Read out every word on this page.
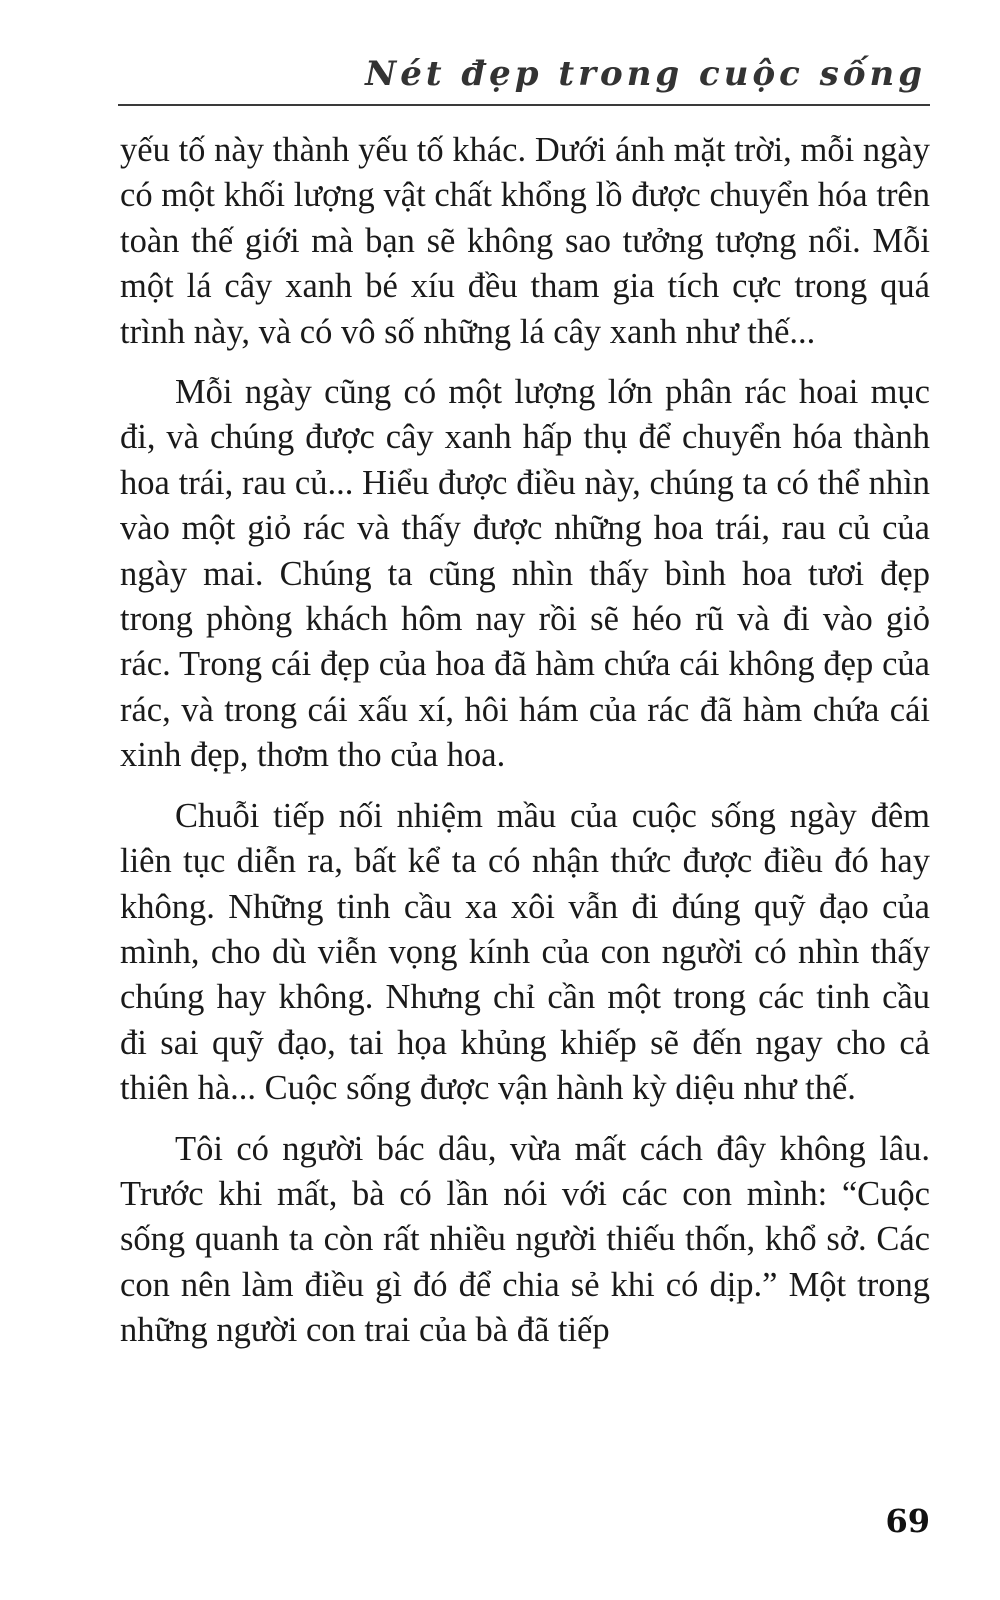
Nét đẹp trong cuộc sống

yếu tố này thành yếu tố khác. Dưới ánh mặt trời, mỗi ngày có một khối lượng vật chất khổng lồ được chuyển hóa trên toàn thế giới mà bạn sẽ không sao tưởng tượng nổi. Mỗi một lá cây xanh bé xíu đều tham gia tích cực trong quá trình này, và có vô số những lá cây xanh như thế...

Mỗi ngày cũng có một lượng lớn phân rác hoai mục đi, và chúng được cây xanh hấp thụ để chuyển hóa thành hoa trái, rau củ... Hiểu được điều này, chúng ta có thể nhìn vào một giỏ rác và thấy được những hoa trái, rau củ của ngày mai. Chúng ta cũng nhìn thấy bình hoa tươi đẹp trong phòng khách hôm nay rồi sẽ héo rũ và đi vào giỏ rác. Trong cái đẹp của hoa đã hàm chứa cái không đẹp của rác, và trong cái xấu xí, hôi hám của rác đã hàm chứa cái xinh đẹp, thơm tho của hoa.

Chuỗi tiếp nối nhiệm mầu của cuộc sống ngày đêm liên tục diễn ra, bất kể ta có nhận thức được điều đó hay không. Những tinh cầu xa xôi vẫn đi đúng quỹ đạo của mình, cho dù viễn vọng kính của con người có nhìn thấy chúng hay không. Nhưng chỉ cần một trong các tinh cầu đi sai quỹ đạo, tai họa khủng khiếp sẽ đến ngay cho cả thiên hà... Cuộc sống được vận hành kỳ diệu như thế.

Tôi có người bác dâu, vừa mất cách đây không lâu. Trước khi mất, bà có lần nói với các con mình: “Cuộc sống quanh ta còn rất nhiều người thiếu thốn, khổ sở. Các con nên làm điều gì đó để chia sẻ khi có dịp.” Một trong những người con trai của bà đã tiếp

69
